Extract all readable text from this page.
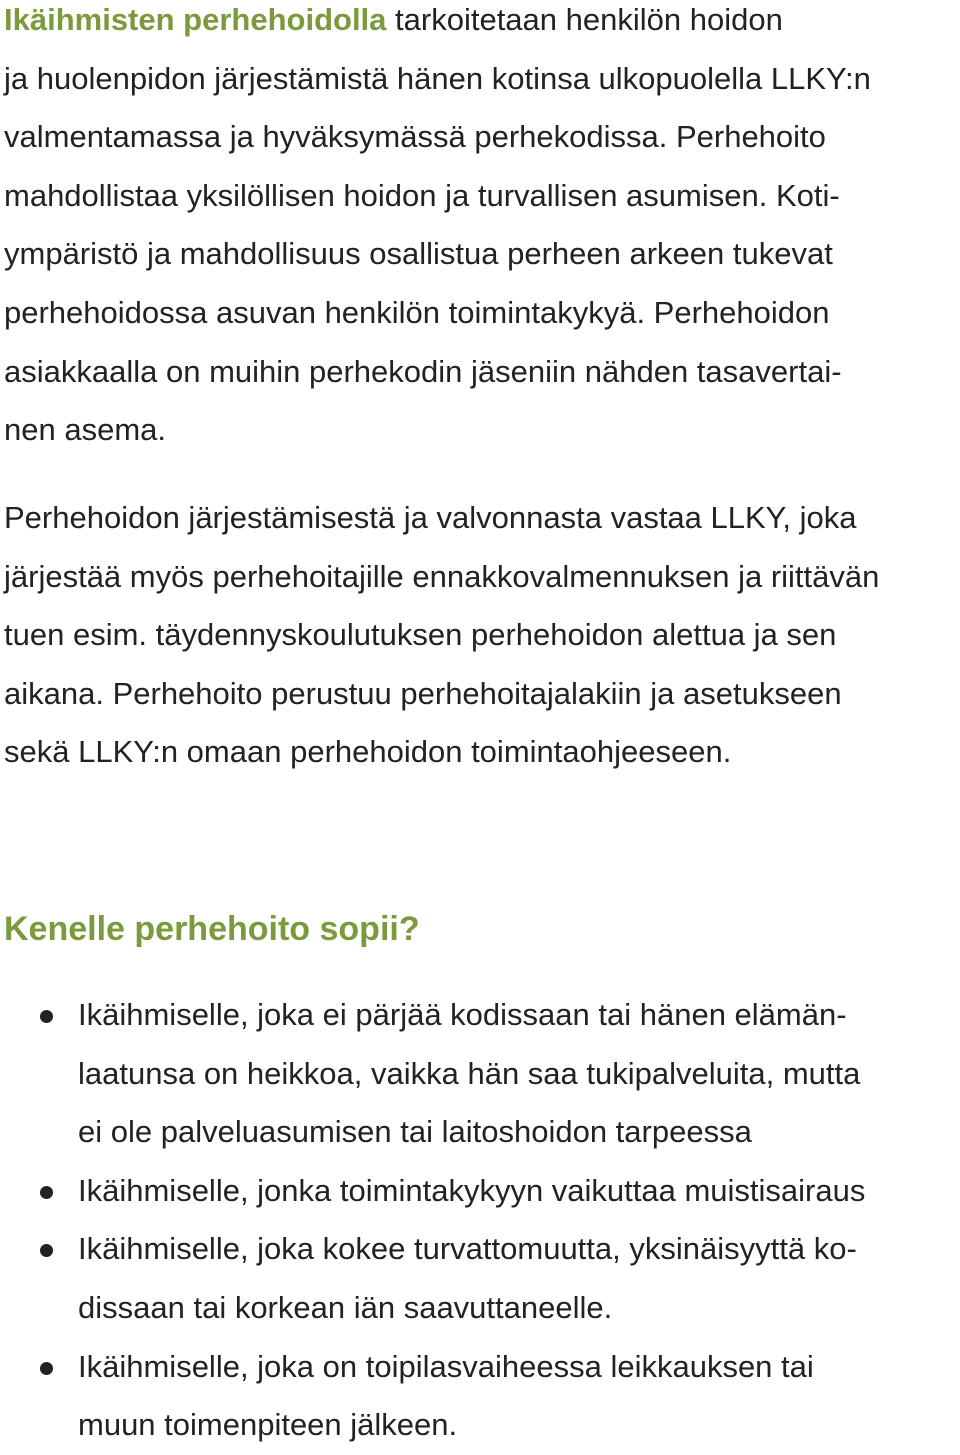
Ikäihmisten perhehoidolla tarkoitetaan henkilön hoidon
ja huolenpidon järjestämistä hänen kotinsa ulkopuolella LLKY:n
valmentamassa ja hyväksymässä perhekodissa. Perhehoito
mahdollistaa yksilöllisen hoidon ja turvallisen asumisen. Koti-
ympäristö ja mahdollisuus osallistua perheen arkeen tukevat
perhehoidossa asuvan henkilön toimintakykyä. Perhehoidon
asiakkaalla on muihin perhekodin jäseniin nähden tasavertai-
nen asema.

Perhehoidon järjestämisestä ja valvonnasta vastaa LLKY, joka
järjestää myös perhehoitajille ennakkovalmennuksen ja riittävän
tuen esim. täydennyskoulutuksen perhehoidon alettua ja sen
aikana. Perhehoito perustuu perhehoitajalakiin ja asetukseen
sekä LLKY:n omaan perhehoidon toimintaohjeeseen.

Kenelle perhehoito sopii?
Ikäihmiselle, joka ei pärjää kodissaan tai hänen elämän-
laatunsa on heikkoa, vaikka hän saa tukipalveluita, mutta
ei ole palveluasumisen tai laitoshoidon tarpeessa
Ikäihmiselle, jonka toimintakykyyn vaikuttaa muistisairaus
Ikäihmiselle, joka kokee turvattomuutta, yksinäisyyttä ko-
dissaan tai korkean iän saavuttaneelle.
Ikäihmiselle, joka on toipilasvaiheessa leikkauksen tai
muun toimenpiteen jälkeen.
